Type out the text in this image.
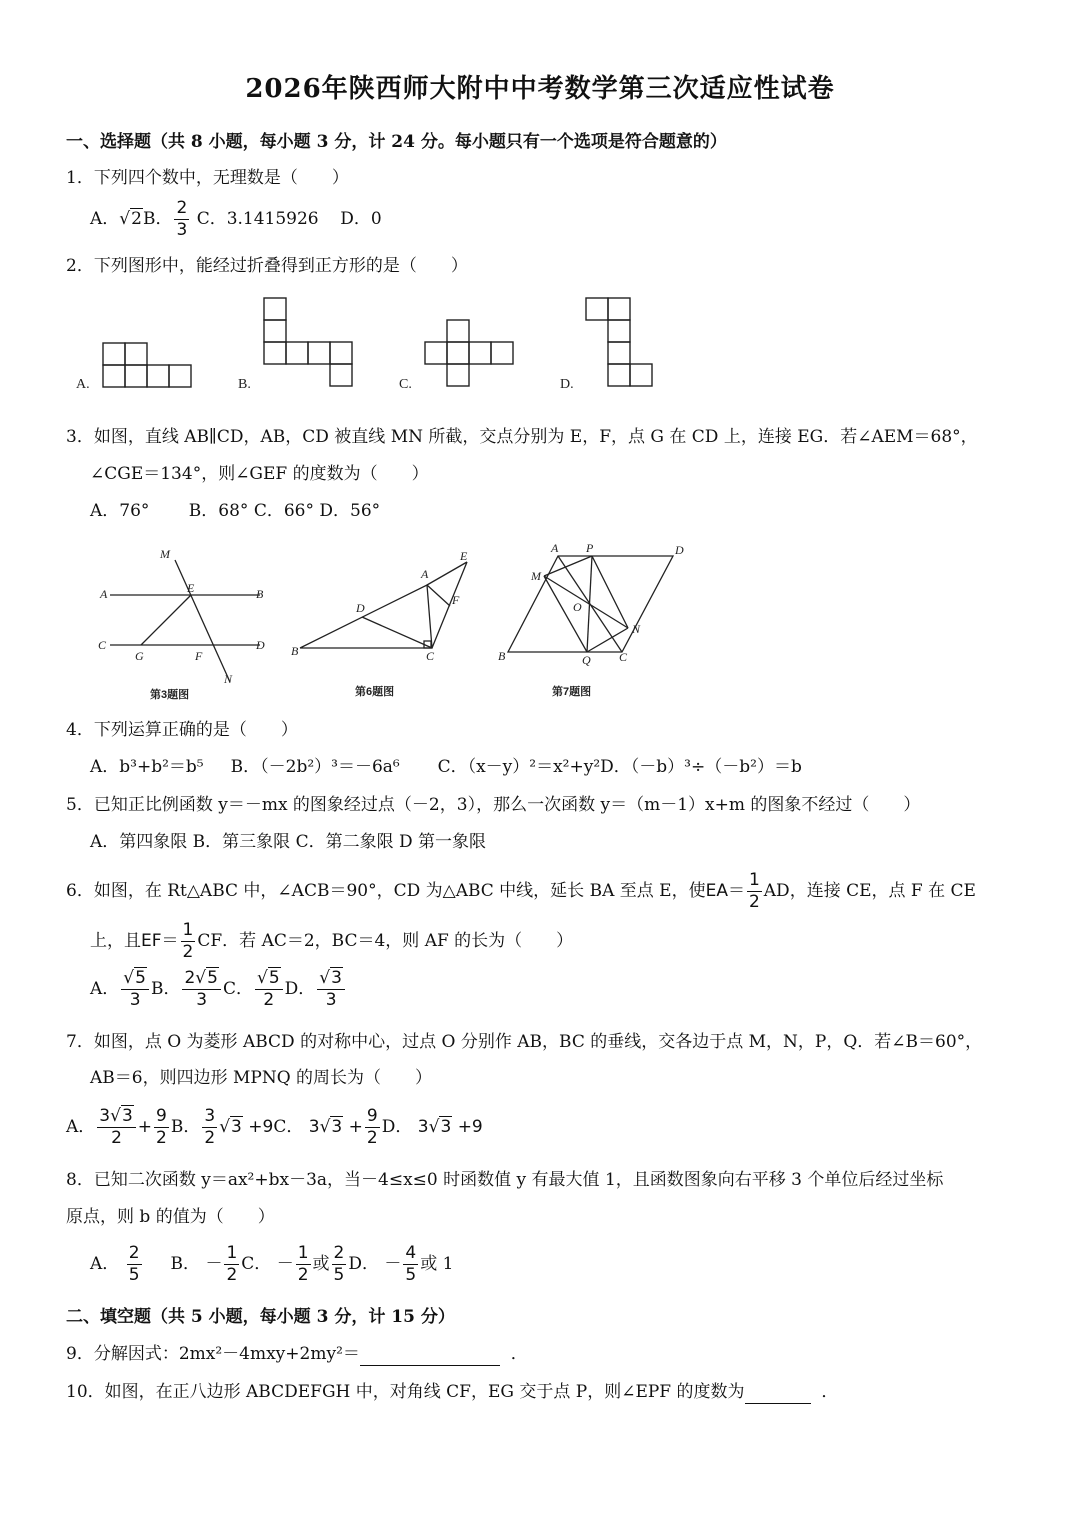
2026年陕西师大附中中考数学第三次适应性试卷
一、选择题（共 8 小题，每小题 3 分，计 24 分。每小题只有一个选项是符合题意的）
1．下列四个数中，无理数是（　　）
A．√2B． $\frac{2}{3}$ C．3.1415926 D．0
2．下列图形中，能经过折叠得到正方形的是（　　）
A.	B.	C.	D.
3．如图，直线 AB∥CD，AB，CD 被直线 MN 所截，交点分别为 E，F，点 G 在 CD 上，连接 EG．若∠AEM＝68°，
∠CGE＝134°，则∠GEF 的度数为（　　）
A．76°　　 B．68° C．66° D．56°
M
A	B
E
C	D
G	F
N
B	C
A
E
F
D
A P	D
M
O
N
B	Q C
第3题图	第6题图	第7题图
4．下列运算正确的是（　　）
A．b³+b²＝b⁵ B．（－2b²）³＝－6a⁶ C．（x－y）²＝x²+y²D．（－b）³÷（－b²）＝b
5．已知正比例函数 y＝－mx 的图象经过点（－2，3），那么一次函数 y＝（m－1）x+m 的图象不经过（　　）
A．第四象限 B．第三象限 C．第二象限 D 第一象限
6．如图，在 Rt△ABC 中，∠ACB＝90°，CD 为△ABC 中线，延长 BA 至点 E，使$EA= \frac{1}{2}$ AD，连接 CE，点 F 在 CE
上，且$EF= \frac{1}{2}$ CF．若 AC＝2，BC＝4，则 AF 的长为（　　）
A． $\frac{√5}{3}$ B． $\frac{2√5}{3}$ C． $\frac{√5}{2}$ D． $\frac{√3}{3}$
7．如图，点 O 为菱形 ABCD 的对称中心，过点 O 分别作 AB，BC 的垂线，交各边于点 M，N，P，Q．若∠B＝60°，
AB＝6，则四边形 MPNQ 的周长为（　　）
A． $\frac{3√3}{2} + \frac{9}{2}$ B． $\frac{3}{2} √3 +9C$． $3√3 + \frac{9}{2}$ D． 3√3 +9
8．已知二次函数 y＝ax²+bx－3a，当－4≤x≤0 时函数值 y 有最大值 1，且函数图象向右平移 3 个单位后经过坐标
原点，则 b 的值为（　　）
A． $\frac{2}{5}$ B． － $\frac{1}{2}$ C． － $\frac{1}{2}$ 或 $\frac{2}{5}$ D． － $\frac{4}{5}$ 或 1
二、填空题（共 5 小题，每小题 3 分，计 15 分）
9．分解因式：2mx²－4mxy+2my²＝	．
10．如图，在正八边形 ABCDEFGH 中，对角线 CF，EG 交于点 P，则∠EPF 的度数为	．
